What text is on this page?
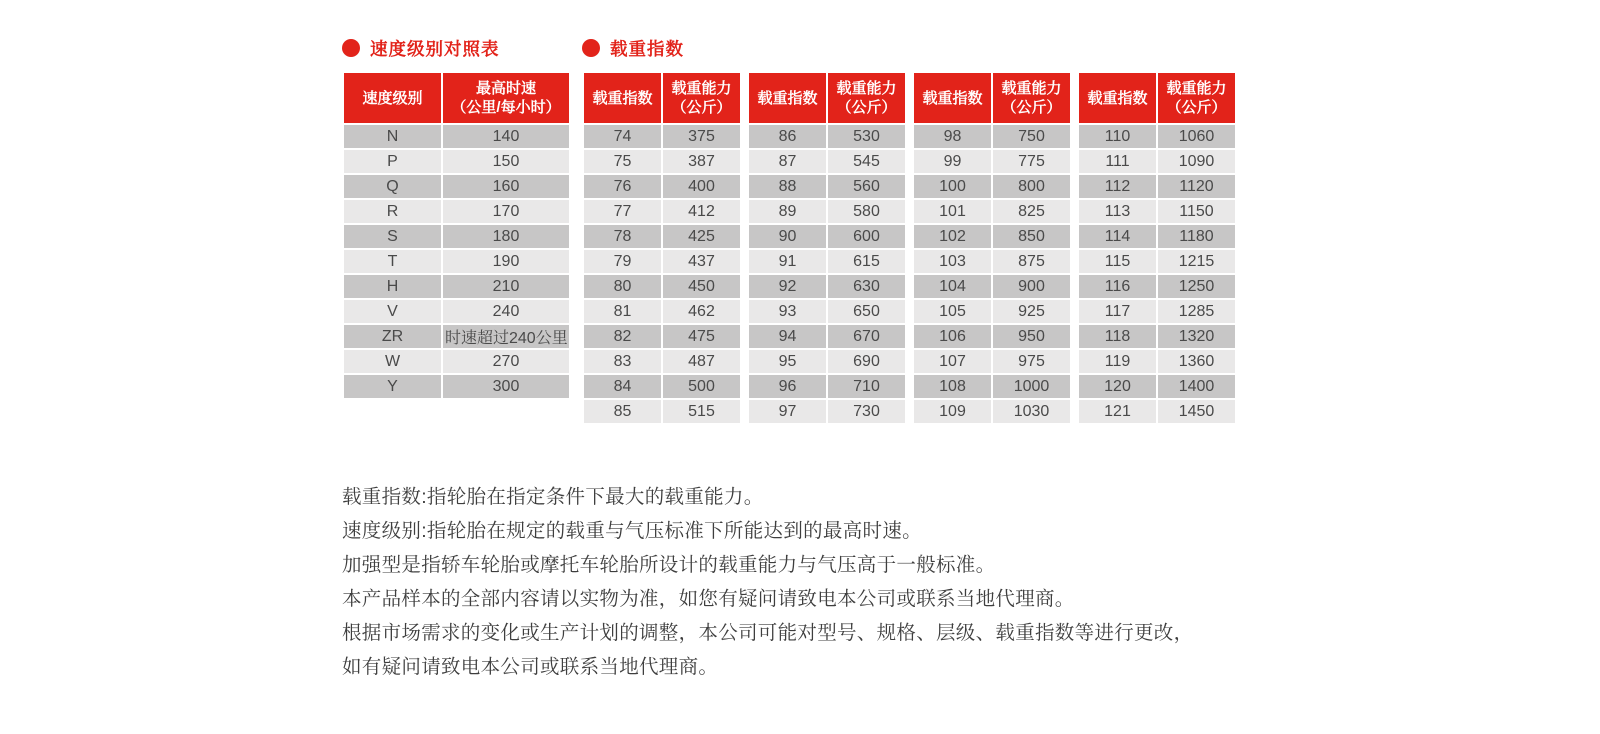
速度级别对照表
速度级别	最高时速
（公里/每小时）
N	140
P	150
Q	160
R	170
S	180
T	190
H	210
V	240
ZR	时速超过240公里
W	270
Y	300
载重指数
载重指数	载重能力
（公斤）
74	375
75	387
76	400
77	412
78	425
79	437
80	450
81	462
82	475
83	487
84	500
85	515
载重指数	载重能力
（公斤）
86	530
87	545
88	560
89	580
90	600
91	615
92	630
93	650
94	670
95	690
96	710
97	730
载重指数	载重能力
（公斤）
98	750
99	775
100	800
101	825
102	850
103	875
104	900
105	925
106	950
107	975
108	1000
109	1030
载重指数	载重能力
（公斤）
110	1060
111	1090
112	1120
113	1150
114	1180
115	1215
116	1250
117	1285
118	1320
119	1360
120	1400
121	1450

载重指数:指轮胎在指定条件下最大的载重能力。

速度级别:指轮胎在规定的载重与气压标准下所能达到的最高时速。

加强型是指轿车轮胎或摩托车轮胎所设计的载重能力与气压高于一般标准。

本产品样本的全部内容请以实物为准，如您有疑问请致电本公司或联系当地代理商。

根据市场需求的变化或生产计划的调整，本公司可能对型号、规格、层级、载重指数等进行更改，

如有疑问请致电本公司或联系当地代理商。
